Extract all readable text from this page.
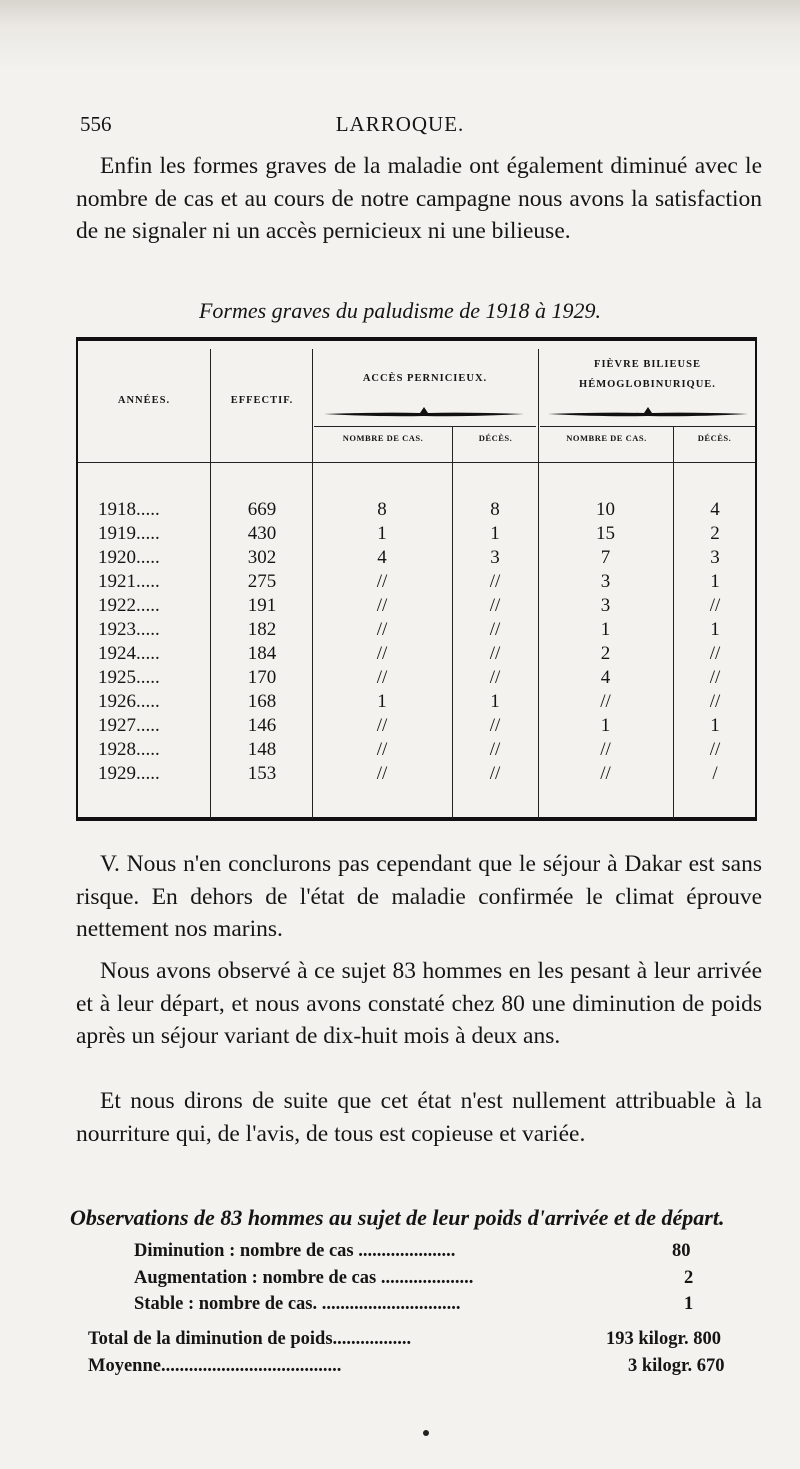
556	LARROQUE.
Enfin les formes graves de la maladie ont également diminué avec le nombre de cas et au cours de notre campagne nous avons la satisfaction de ne signaler ni un accès pernicieux ni une bilieuse.
Formes graves du paludisme de 1918 à 1929.
ANNÉES.	EFFECTIF.
ACCÈS PERNICIEUX.
FIÈVRE BILIEUSE
HÉMOGLOBINURIQUE.
NOMBRE DE CAS.	DÉCÈS.	NOMBRE DE CAS.	DÉCÈS.
1918.....	669	8	8	10	4
1919.....	430	1	1	15	2
1920.....	302	4	3	7	3
1921.....	275	//	//	3	1
1922.....	191	//	//	3	//
1923.....	182	//	//	1	1
1924.....	184	//	//	2	//
1925.....	170	//	//	4	//
1926.....	168	1	1	//	//
1927.....	146	//	//	1	1
1928.....	148	//	//	//	//
1929.....	153	//	//	//	/
V. Nous n'en conclurons pas cependant que le séjour à Dakar est sans risque. En dehors de l'état de maladie confirmée le climat éprouve nettement nos marins.
Nous avons observé à ce sujet 83 hommes en les pesant à leur arrivée et à leur départ, et nous avons constaté chez 80 une diminution de poids après un séjour variant de dix-huit mois à deux ans.
Et nous dirons de suite que cet état n'est nullement attribuable à la nourriture qui, de l'avis, de tous est copieuse et variée.
Observations de 83 hommes au sujet de leur poids d'arrivée et de départ.
Diminution : nombre de cas .....................	80
Augmentation : nombre de cas ....................	2
Stable : nombre de cas. ..............................	1
Total de la diminution de poids.................	193 kilogr. 800
Moyenne.......................................	3 kilogr. 670
